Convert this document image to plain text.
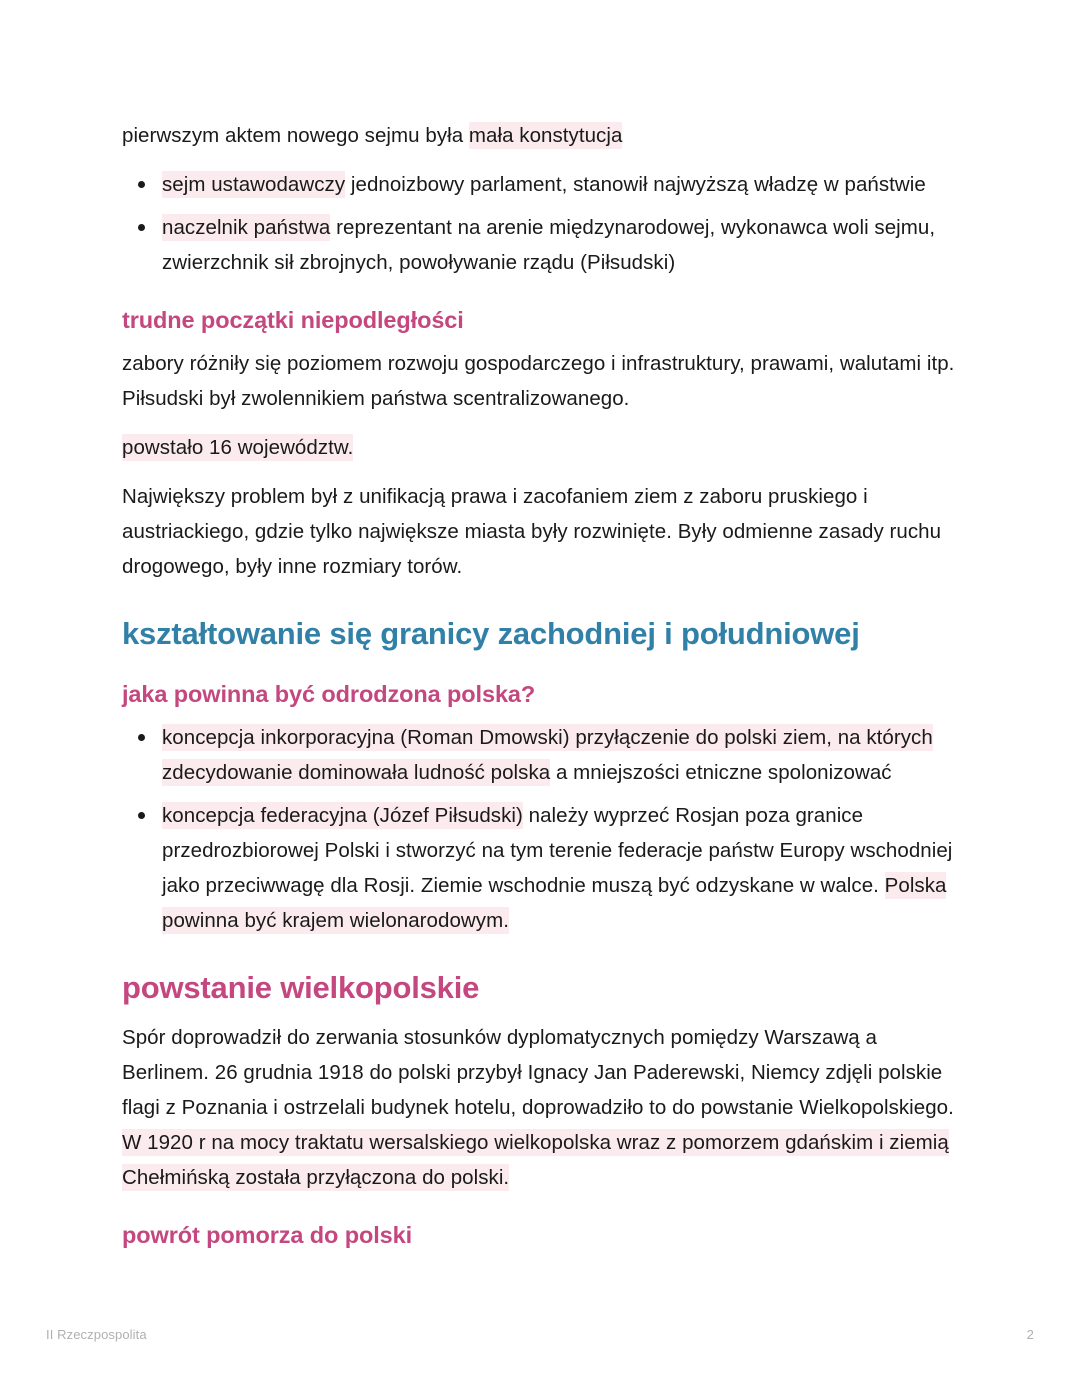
pierwszym aktem nowego sejmu była mała konstytucja

sejm ustawodawczy jednoizbowy parlament, stanowił najwyższą władzę w państwie
naczelnik państwa reprezentant na arenie międzynarodowej, wykonawca woli sejmu, zwierzchnik sił zbrojnych, powoływanie rządu (Piłsudski)
trudne początki niepodległości

zabory różniły się poziomem rozwoju gospodarczego i infrastruktury, prawami, walutami itp. Piłsudski był zwolennikiem państwa scentralizowanego.

powstało 16 województw.

Największy problem był z unifikacją prawa i zacofaniem ziem z zaboru pruskiego i austriackiego, gdzie tylko największe miasta były rozwinięte. Były odmienne zasady ruchu drogowego, były inne rozmiary torów.

kształtowanie się granicy zachodniej i południowej
jaka powinna być odrodzona polska?
koncepcja inkorporacyjna (Roman Dmowski) przyłączenie do polski ziem, na których zdecydowanie dominowała ludność polska a mniejszości etniczne spolonizować
koncepcja federacyjna (Józef Piłsudski) należy wyprzeć Rosjan poza granice przedrozbiorowej Polski i stworzyć na tym terenie federacje państw Europy wschodniej jako przeciwwagę dla Rosji. Ziemie wschodnie muszą być odzyskane w walce. Polska powinna być krajem wielonarodowym.
powstanie wielkopolskie

Spór doprowadził do zerwania stosunków dyplomatycznych pomiędzy Warszawą a Berlinem. 26 grudnia 1918 do polski przybył Ignacy Jan Paderewski, Niemcy zdjęli polskie flagi z Poznania i ostrzelali budynek hotelu, doprowadziło to do powstanie Wielkopolskiego. W 1920 r na mocy traktatu wersalskiego wielkopolska wraz z pomorzem gdańskim i ziemią Chełmińską została przyłączona do polski.

powrót pomorza do polski
II Rzeczpospolita	2
